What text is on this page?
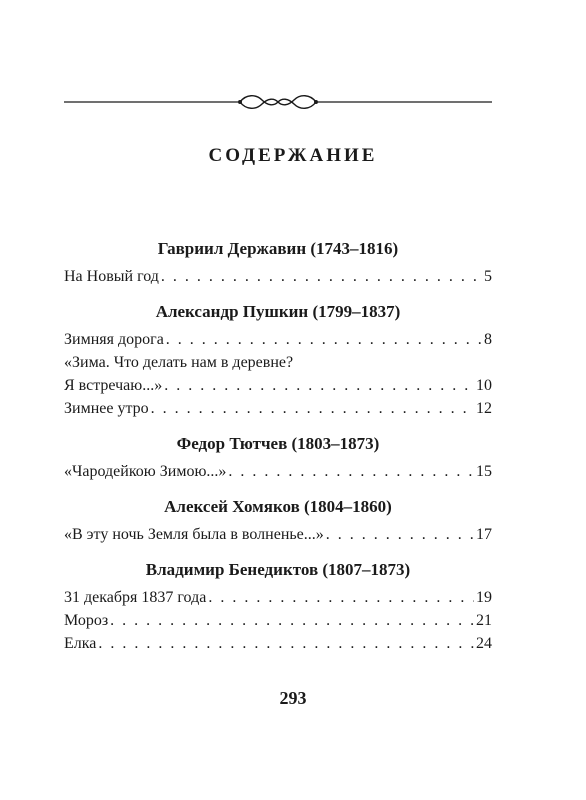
СОДЕРЖАНИЕ
Гавриил Державин (1743–1816)
На Новый год . . .	5
Александр Пушкин (1799–1837)
Зимняя дорога . . .	8
«Зима. Что делать нам в деревне?
Я встречаю...» . . .	10
Зимнее утро . . .	12
Федор Тютчев (1803–1873)
«Чародейкою Зимою...» . . .	15
Алексей Хомяков (1804–1860)
«В эту ночь Земля была в волненье...» . . .	17
Владимир Бенедиктов (1807–1873)
31 декабря 1837 года . . .	19
Мороз . . .	21
Елка . . .	24
293
